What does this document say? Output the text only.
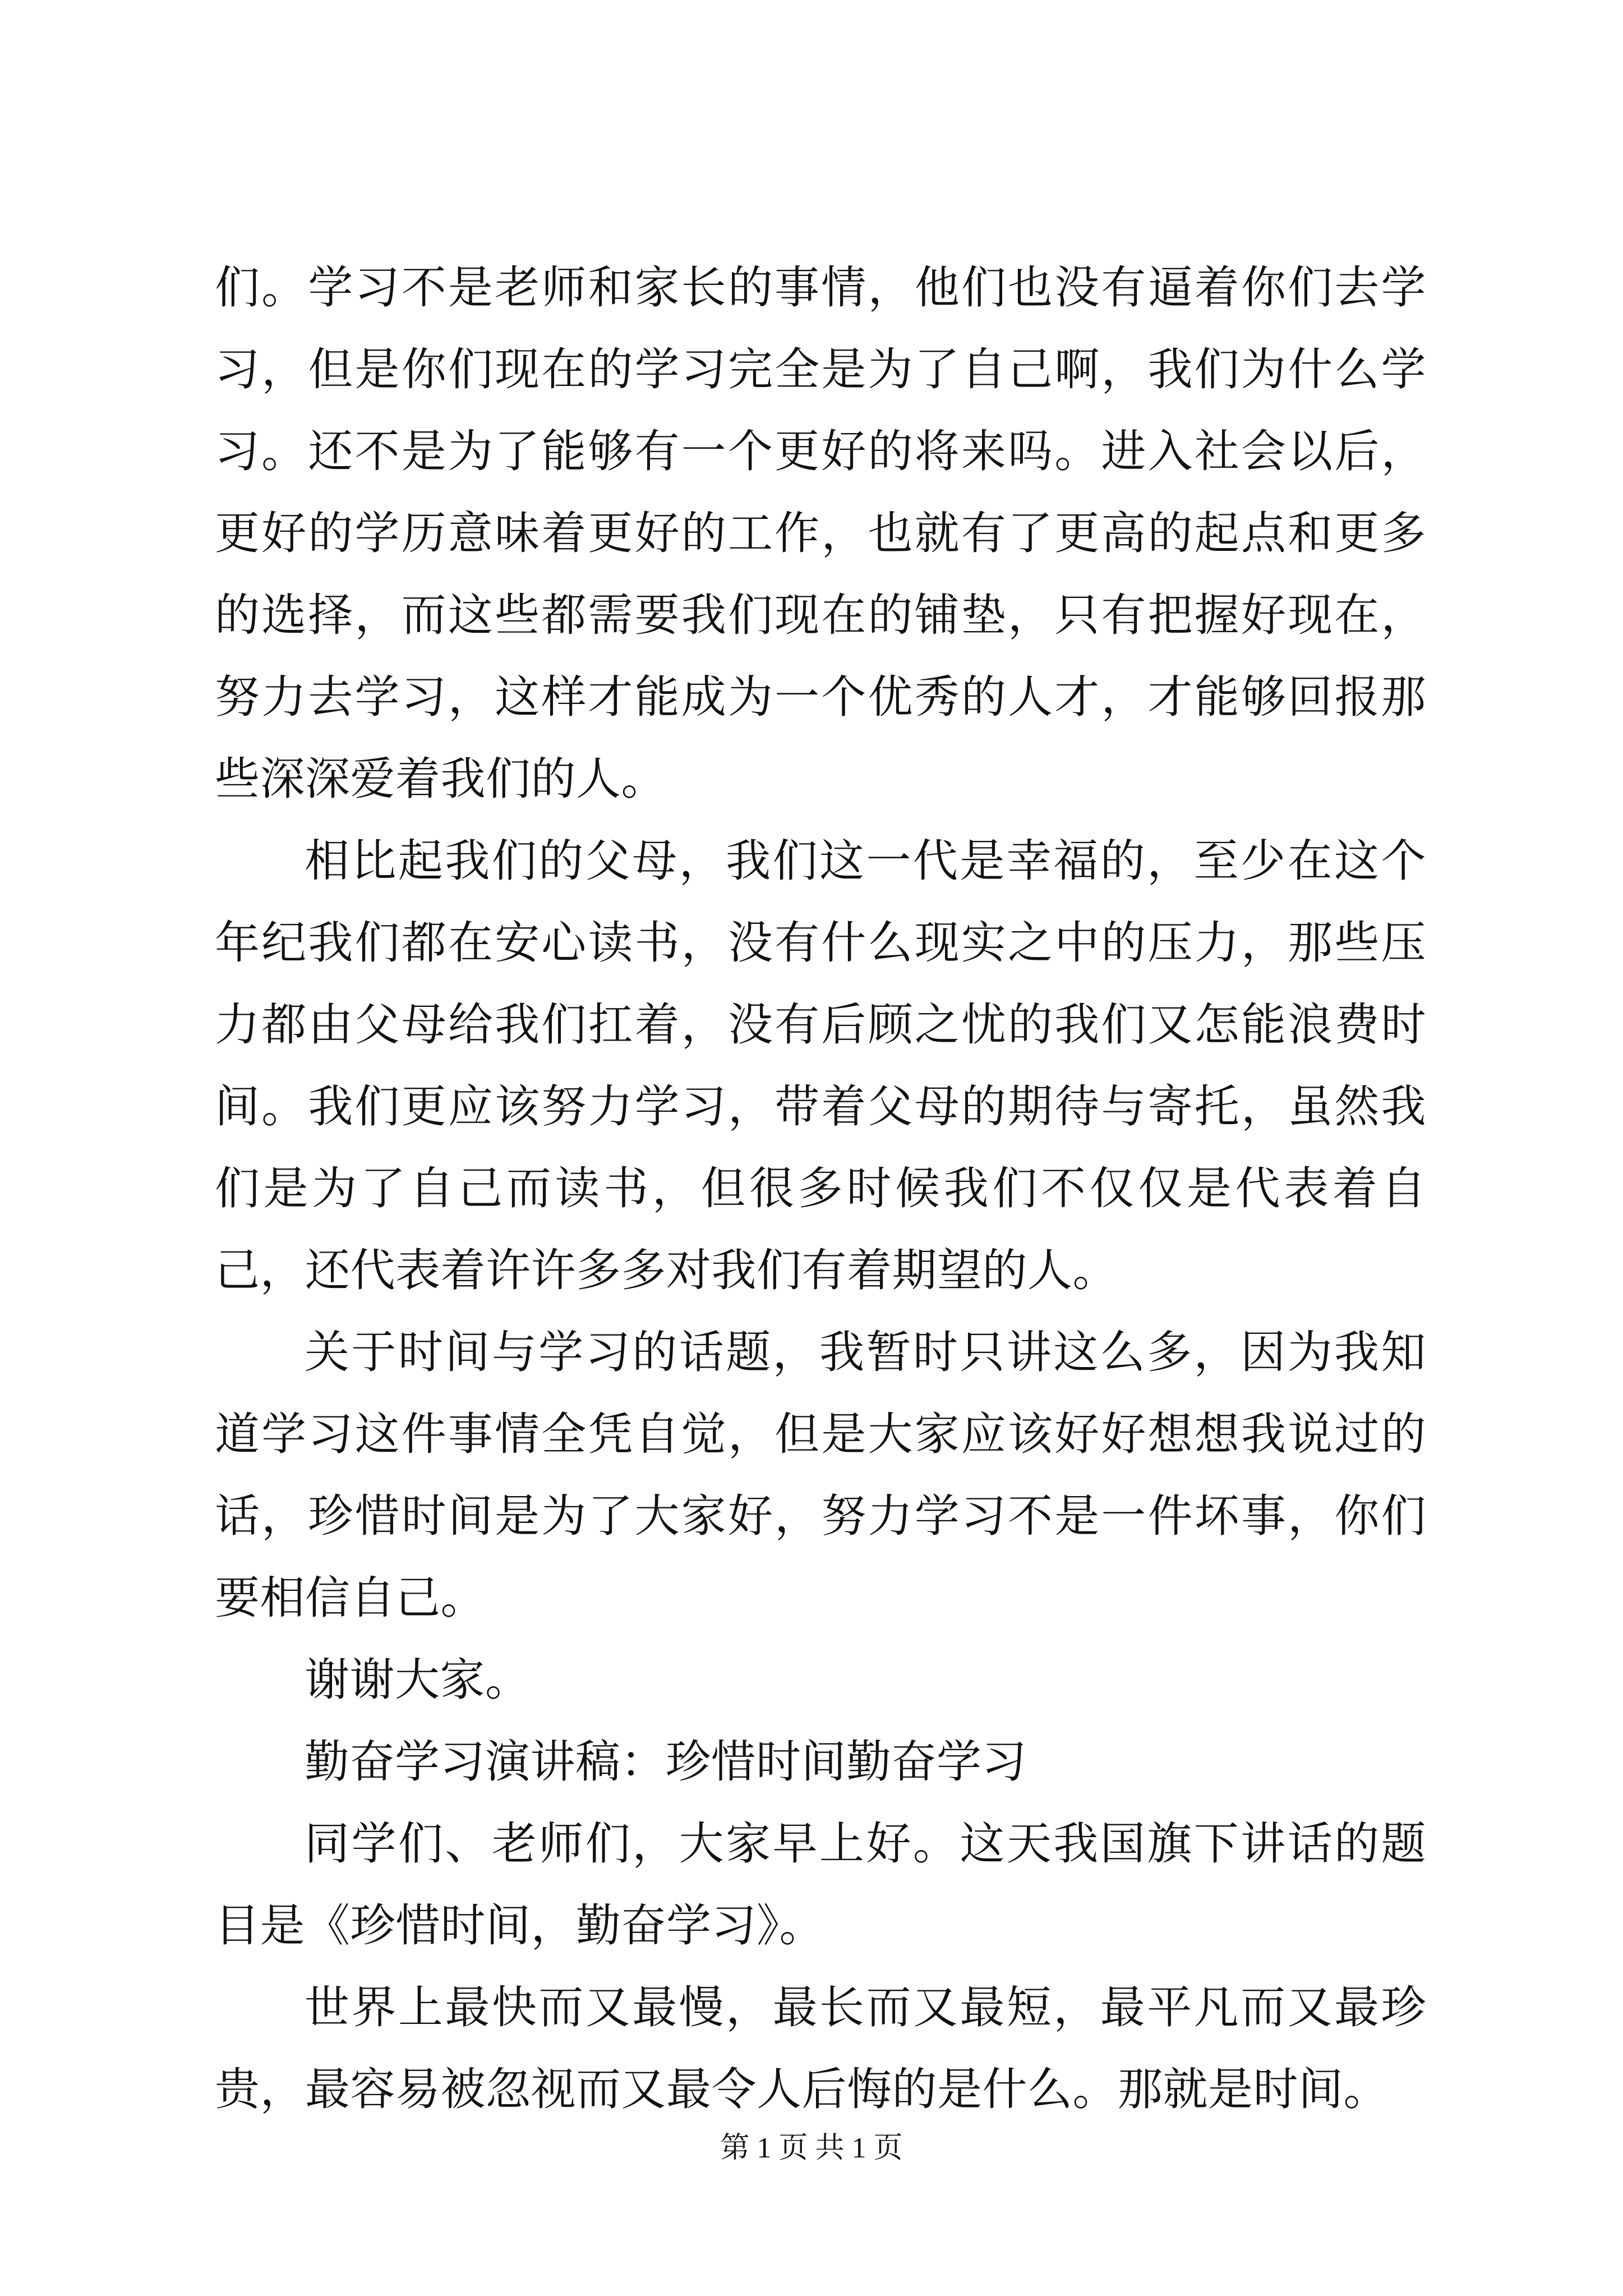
们。学习不是老师和家长的事情，他们也没有逼着你们去学习，但是你们现在的学习完全是为了自己啊，我们为什么学习。还不是为了能够有一个更好的将来吗。进入社会以后，更好的学历意味着更好的工作，也就有了更高的起点和更多的选择，而这些都需要我们现在的铺垫，只有把握好现在，努力去学习，这样才能成为一个优秀的人才，才能够回报那些深深爱着我们的人。

相比起我们的父母，我们这一代是幸福的，至少在这个年纪我们都在安心读书，没有什么现实之中的压力，那些压力都由父母给我们扛着，没有后顾之忧的我们又怎能浪费时间。我们更应该努力学习，带着父母的期待与寄托，虽然我们是为了自己而读书，但很多时候我们不仅仅是代表着自己，还代表着许许多多对我们有着期望的人。

关于时间与学习的话题，我暂时只讲这么多，因为我知道学习这件事情全凭自觉，但是大家应该好好想想我说过的话，珍惜时间是为了大家好，努力学习不是一件坏事，你们要相信自己。

谢谢大家。

勤奋学习演讲稿：珍惜时间勤奋学习

同学们、老师们，大家早上好。这天我国旗下讲话的题目是《珍惜时间，勤奋学习》。

世界上最快而又最慢，最长而又最短，最平凡而又最珍贵，最容易被忽视而又最令人后悔的是什么。那就是时间。

第 1 页 共 1 页
